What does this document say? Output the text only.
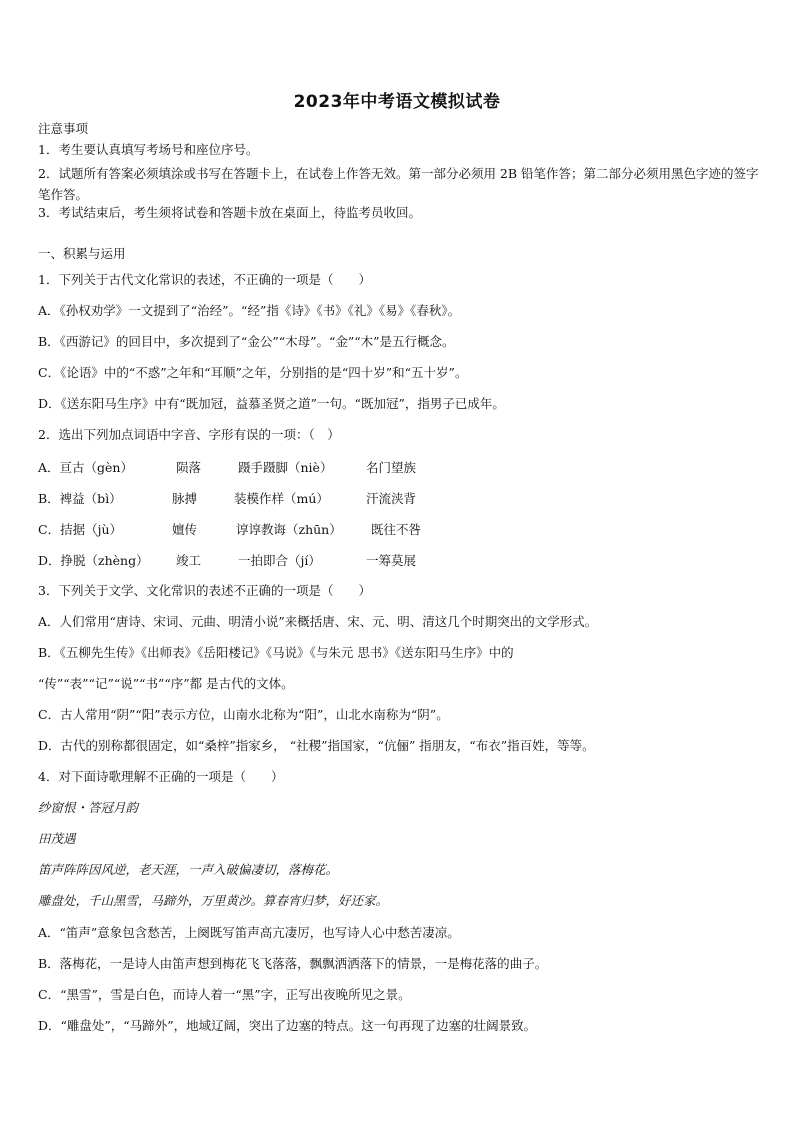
2023年中考语文模拟试卷
注意事项
1．考生要认真填写考场号和座位序号。
2．试题所有答案必须填涂或书写在答题卡上，在试卷上作答无效。第一部分必须用 2B 铅笔作答；第二部分必须用黑色字迹的签字笔作答。
3．考试结束后，考生须将试卷和答题卡放在桌面上，待监考员收回。
一、积累与运用
1．下列关于古代文化常识的表述，不正确的一项是（　　）
A．《孙权劝学》一文提到了“治经”。“经”指《诗》《书》《礼》《易》《春秋》。
B．《西游记》的回目中，多次提到了“金公”“木母”。“金”“木”是五行概念。
C．《论语》中的“不惑”之年和“耳顺”之年，分别指的是“四十岁”和“五十岁”。
D．《送东阳马生序》中有“既加冠，益慕圣贤之道”一句。“既加冠”，指男子已成年。
2．选出下列加点词语中字音、字形有误的一项：（　）
A．亘古（gèn）	陨落	蹑手蹑脚（niè）	名门望族
B．裨益（bì）	脉搏	装模作样（mú）	汗流浃背
C．拮据（jù）	嬗传	谆谆教诲（zhūn） 既往不咎
D．挣脱（zhèng） 竣工	一拍即合（jí）	一筹莫展
3．下列关于文学、文化常识的表述不正确的一项是（　　）
A．人们常用“唐诗、宋词、元曲、明清小说”来概括唐、宋、元、明、清这几个时期突出的文学形式。
B．《五柳先生传》《出师表》《岳阳楼记》《马说》《与朱元 思书》《送东阳马生序》中的
“传”“表”“记”“说”“书”“序”都 是古代的文体。
C．古人常用“阴”“阳”表示方位，山南水北称为“阳”，山北水南称为“阴”。
D．古代的别称都很固定，如“桑梓”指家乡， “社稷”指国家，“伉俪” 指朋友，“布衣”指百姓，等等。
4．对下面诗歌理解不正确的一项是（　　）
纱窗恨・答冠月韵
田茂遇
笛声阵阵因风逆，老天涯，一声入破偏凄切，落梅花。
雕盘处，千山黑雪，马蹄外，万里黄沙。算春宵归梦，好还家。
A．“笛声”意象包含愁苦，上阕既写笛声高亢凄厉，也写诗人心中愁苦凄凉。
B．落梅花，一是诗人由笛声想到梅花飞飞落落，飘飘洒洒落下的情景，一是梅花落的曲子。
C．“黑雪”，雪是白色，而诗人着一“黑”字，正写出夜晚所见之景。
D．“雕盘处”，“马蹄外”，地域辽阔，突出了边塞的特点。这一句再现了边塞的壮阔景致。
